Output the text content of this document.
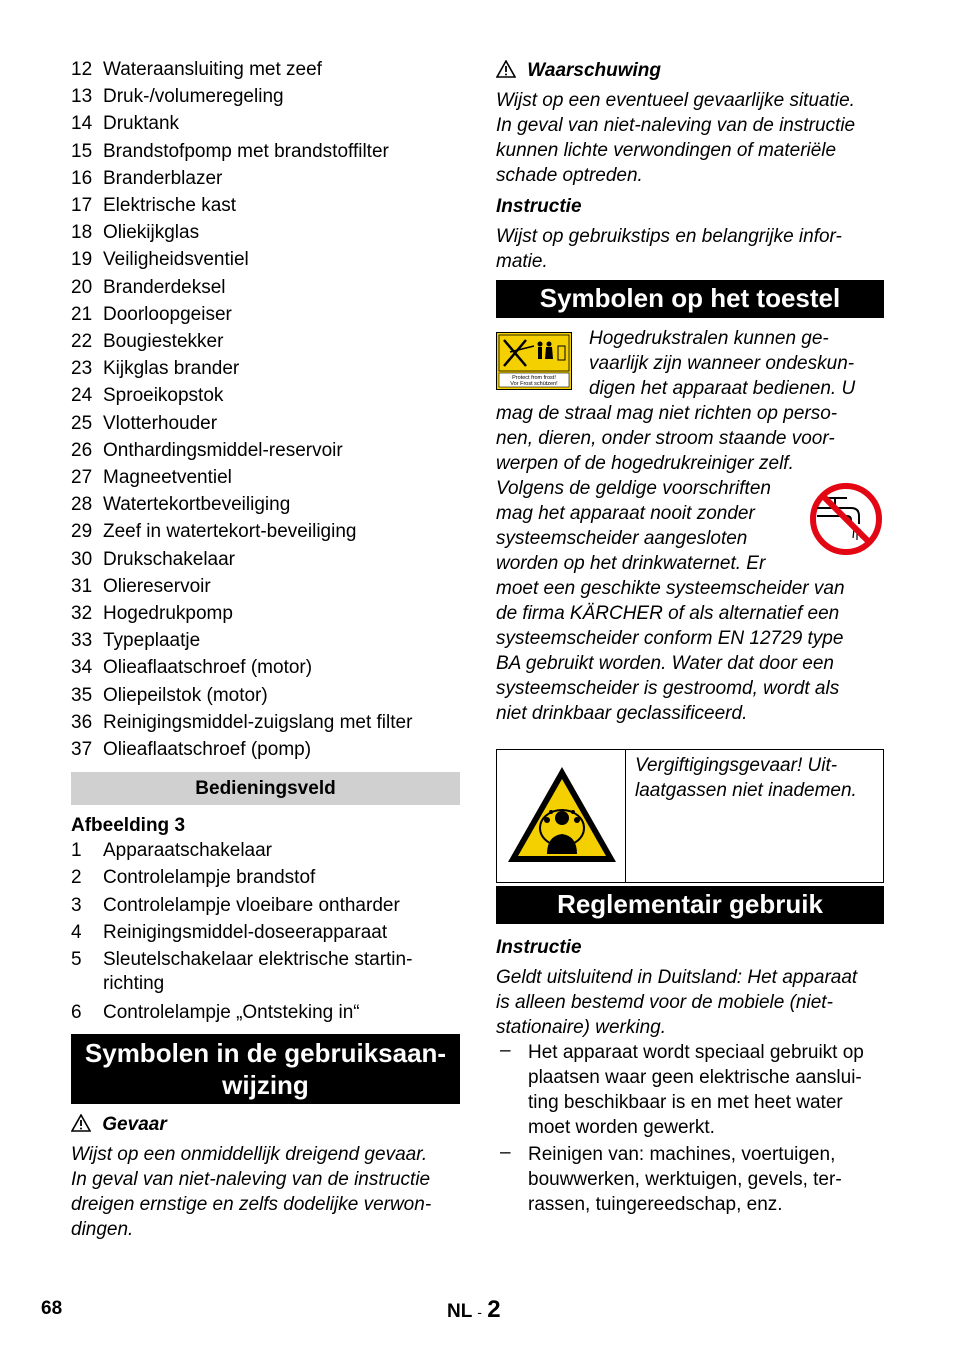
12 Wateraansluiting met zeef
13 Druk-/volumeregeling
14 Druktank
15 Brandstofpomp met brandstoffilter
16 Branderblazer
17 Elektrische kast
18 Oliekijkglas
19 Veiligheidsventiel
20 Branderdeksel
21 Doorloopgeiser
22 Bougiestekker
23 Kijkglas brander
24 Sproeikopstok
25 Vlotterhouder
26 Onthardingsmiddel-reservoir
27 Magneetventiel
28 Watertekortbeveiliging
29 Zeef in watertekort-beveiliging
30 Drukschakelaar
31 Oliereservoir
32 Hogedrukpomp
33 Typeplaatje
34 Olieaflaatschroef (motor)
35 Oliepeilstok (motor)
36 Reinigingsmiddel-zuigslang met filter
37 Olieaflaatschroef (pomp)
Bedieningsveld
Afbeelding 3
1 Apparaatschakelaar
2 Controlelampje brandstof
3 Controlelampje vloeibare ontharder
4 Reinigingsmiddel-doseerapparaat
5 Sleutelschakelaar elektrische startin-
richting
6 Controlelampje „Ontsteking in“
Symbolen in de gebruiksaan-
wijzing
Gevaar
Wijst op een onmiddellijk dreigend gevaar.
In geval van niet-naleving van de instructie
dreigen ernstige en zelfs dodelijke verwon-
dingen.
Waarschuwing
Wijst op een eventueel gevaarlijke situatie.
In geval van niet-naleving van de instructie
kunnen lichte verwondingen of materiële
schade optreden.
Instructie
Wijst op gebruikstips en belangrijke infor-
matie.
Symbolen op het toestel
Protect from frost!
Vor Frost schützen!
Hogedrukstralen kunnen ge-
vaarlijk zijn wanneer ondeskun-
digen het apparaat bedienen. U
mag de straal mag niet richten op perso-
nen, dieren, onder stroom staande voor-
werpen of de hogedrukreiniger zelf.
Volgens de geldige voorschriften
mag het apparaat nooit zonder
systeemscheider aangesloten
worden op het drinkwaternet. Er
moet een geschikte systeemscheider van
de firma KÄRCHER of als alternatief een
systeemscheider conform EN 12729 type
BA gebruikt worden. Water dat door een
systeemscheider is gestroomd, wordt als
niet drinkbaar geclassificeerd.
Vergiftigingsgevaar! Uit-
laatgassen niet inademen.
Reglementair gebruik
Instructie
Geldt uitsluitend in Duitsland: Het apparaat
is alleen bestemd voor de mobiele (niet-
stationaire) werking.
– Het apparaat wordt speciaal gebruikt op
plaatsen waar geen elektrische aanslui-
ting beschikbaar is en met heet water
moet worden gewerkt.
– Reinigen van: machines, voertuigen,
bouwwerken, werktuigen, gevels, ter-
rassen, tuingereedschap, enz.
68	NL - 2
